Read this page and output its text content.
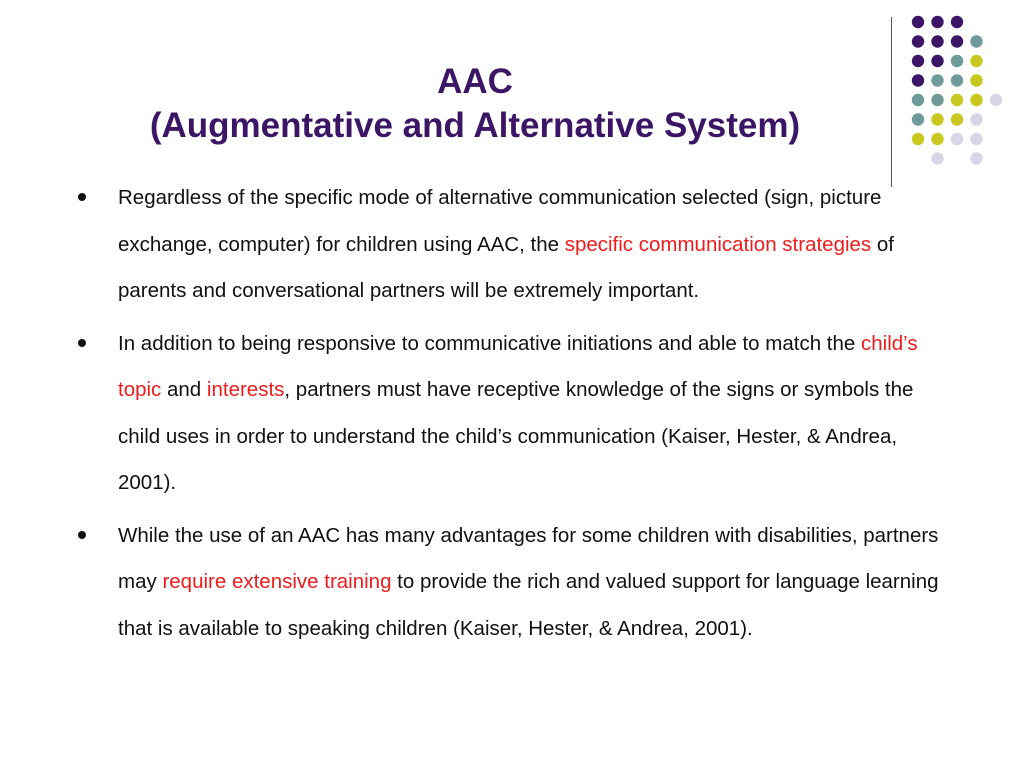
AAC
(Augmentative and Alternative System)
Regardless of the specific mode of alternative communication selected (sign, picture exchange, computer) for children using AAC, the specific communication strategies of parents and conversational partners will be extremely important.
In addition to being responsive to communicative initiations and able to match the child’s topic and interests, partners must have receptive knowledge of the signs or symbols the child uses in order to understand the child’s communication (Kaiser, Hester, & Andrea, 2001).
While the use of an AAC has many advantages for some children with disabilities, partners may require extensive training to provide the rich and valued support for language learning that is available to speaking children (Kaiser, Hester, & Andrea, 2001).
